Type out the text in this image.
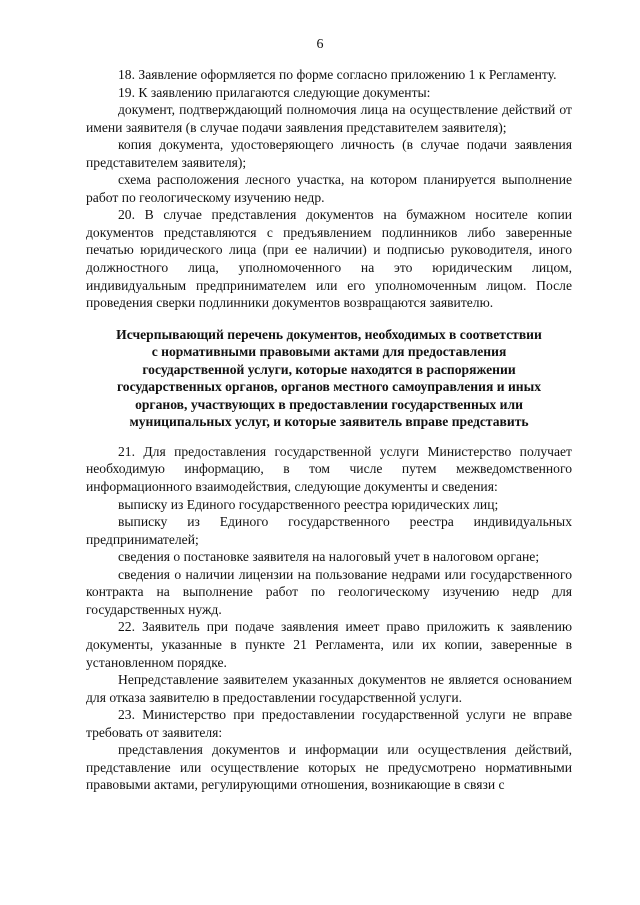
6

18. Заявление оформляется по форме согласно приложению 1 к Регламенту.

19. К заявлению прилагаются следующие документы:

документ, подтверждающий полномочия лица на осуществление действий от имени заявителя (в случае подачи заявления представителем заявителя);

копия документа, удостоверяющего личность (в случае подачи заявления представителем заявителя);

схема расположения лесного участка, на котором планируется выполнение работ по геологическому изучению недр.

20. В случае представления документов на бумажном носителе копии документов представляются с предъявлением подлинников либо заверенные печатью юридического лица (при ее наличии) и подписью руководителя, иного должностного лица, уполномоченного на это юридическим лицом, индивидуальным предпринимателем или его уполномоченным лицом. После проведения сверки подлинники документов возвращаются заявителю.

Исчерпывающий перечень документов, необходимых в соответствии с нормативными правовыми актами для предоставления государственной услуги, которые находятся в распоряжении государственных органов, органов местного самоуправления и иных органов, участвующих в предоставлении государственных или муниципальных услуг, и которые заявитель вправе представить

21. Для предоставления государственной услуги Министерство получает необходимую информацию, в том числе путем межведомственного информационного взаимодействия, следующие документы и сведения:

выписку из Единого государственного реестра юридических лиц;

выписку из Единого государственного реестра индивидуальных предпринимателей;

сведения о постановке заявителя на налоговый учет в налоговом органе;

сведения о наличии лицензии на пользование недрами или государственного контракта на выполнение работ по геологическому изучению недр для государственных нужд.

22. Заявитель при подаче заявления имеет право приложить к заявлению документы, указанные в пункте 21 Регламента, или их копии, заверенные в установленном порядке.

Непредставление заявителем указанных документов не является основанием для отказа заявителю в предоставлении государственной услуги.

23. Министерство при предоставлении государственной услуги не вправе требовать от заявителя:

представления документов и информации или осуществления действий, представление или осуществление которых не предусмотрено нормативными правовыми актами, регулирующими отношения, возникающие в связи с
